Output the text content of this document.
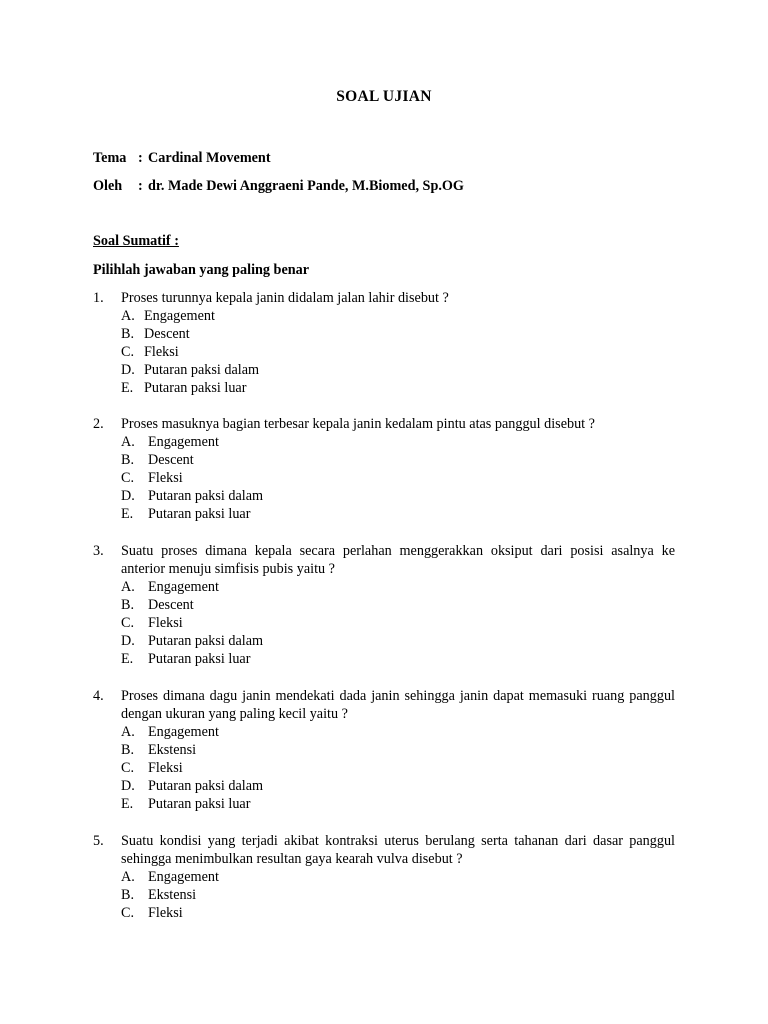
SOAL UJIAN
Tema : Cardinal Movement
Oleh : dr. Made Dewi Anggraeni Pande, M.Biomed, Sp.OG
Soal Sumatif :
Pilihlah jawaban yang paling benar
1. Proses turunnya kepala janin didalam jalan lahir disebut ?
A. Engagement
B. Descent
C. Fleksi
D. Putaran paksi dalam
E. Putaran paksi luar
2. Proses masuknya bagian terbesar kepala janin kedalam pintu atas panggul disebut ?
A. Engagement
B. Descent
C. Fleksi
D. Putaran paksi dalam
E. Putaran paksi luar
3. Suatu proses dimana kepala secara perlahan menggerakkan oksiput dari posisi asalnya ke anterior menuju simfisis pubis yaitu ?
A. Engagement
B. Descent
C. Fleksi
D. Putaran paksi dalam
E. Putaran paksi luar
4. Proses dimana dagu janin mendekati dada janin sehingga janin dapat memasuki ruang panggul dengan ukuran yang paling kecil yaitu ?
A. Engagement
B. Ekstensi
C. Fleksi
D. Putaran paksi dalam
E. Putaran paksi luar
5. Suatu kondisi yang terjadi akibat kontraksi uterus berulang serta tahanan dari dasar panggul sehingga menimbulkan resultan gaya kearah vulva disebut ?
A. Engagement
B. Ekstensi
C. Fleksi
